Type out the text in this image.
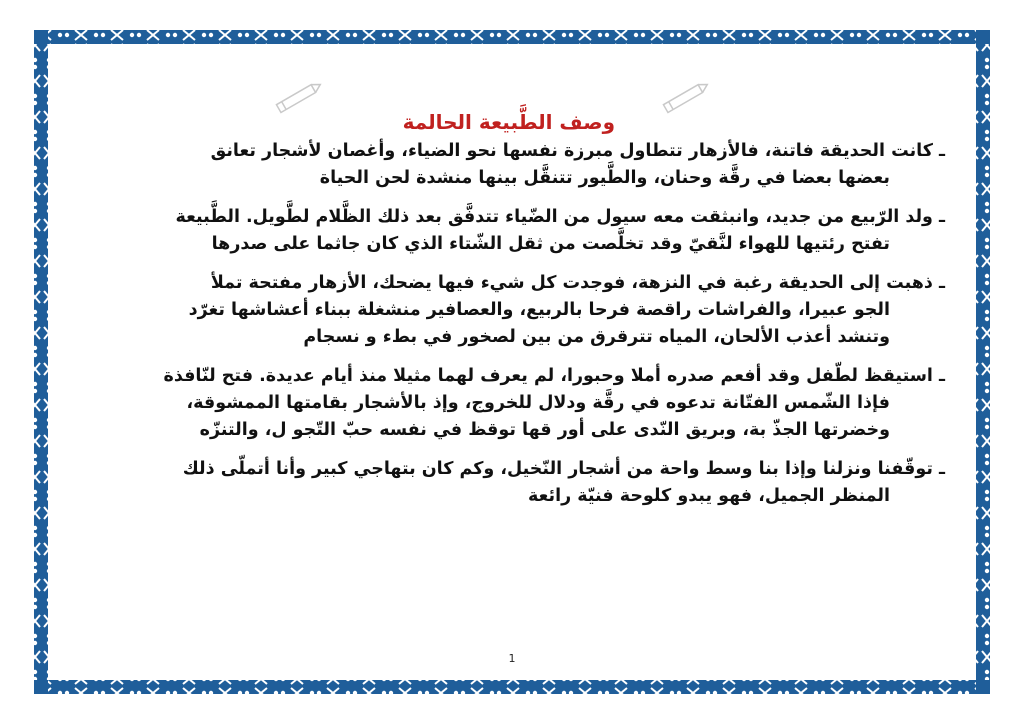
وصف الطَّبيعة الحالمة
ـ كانت الحديقة فاتنة، فالأزهار تتطاول مبرزة نفسها نحو الضياء، وأغصان لأشجار تعانق
بعضها بعضا في رقَّة وحنان، والطَّيور تتنقَّل بينها منشدة لحن الحياة
ـ ولد الرّبيع من جديد، وانبثقت معه سيول من الضّياء تتدفَّق بعد ذلك الظَّلام لطَّويل. الطَّبيعة
تفتح رئتيها للهواء لنَّقيّ وقد تخلَّصت من ثقل الشّتاء الذي كان جاثما على صدرها
ـ ذهبت إلى الحديقة رغبة في النزهة، فوجدت كل شيء فيها يضحك، الأزهار مفتحة تملأ
الجو عبيرا، والفراشات راقصة فرحا بالربيع، والعصافير منشغلة ببناء أعشاشها تغرّد
وتنشد أعذب الألحان، المياه تترقرق من بين لصخور في بطء و نسجام
ـ استيقظ لطّفل وقد أفعم صدره أملا وحبورا، لم يعرف لهما مثيلا منذ أيام عديدة. فتح لنّافذة
فإذا الشّمس الفتّانة تدعوه في رقَّة ودلال للخروج، وإذ بالأشجار بقامتها الممشوقة،
وخضرتها الجذّ بة، وبريق النّدى على أور قها توقظ في نفسه حبّ التّجو ل، والتنزّه
ـ توقّفنا ونزلنا وإذا بنا وسط واحة من أشجار النّخيل، وكم كان بتهاجي كبير وأنا أتملّى ذلك
المنظر الجميل، فهو يبدو كلوحة فنيّة رائعة
1
